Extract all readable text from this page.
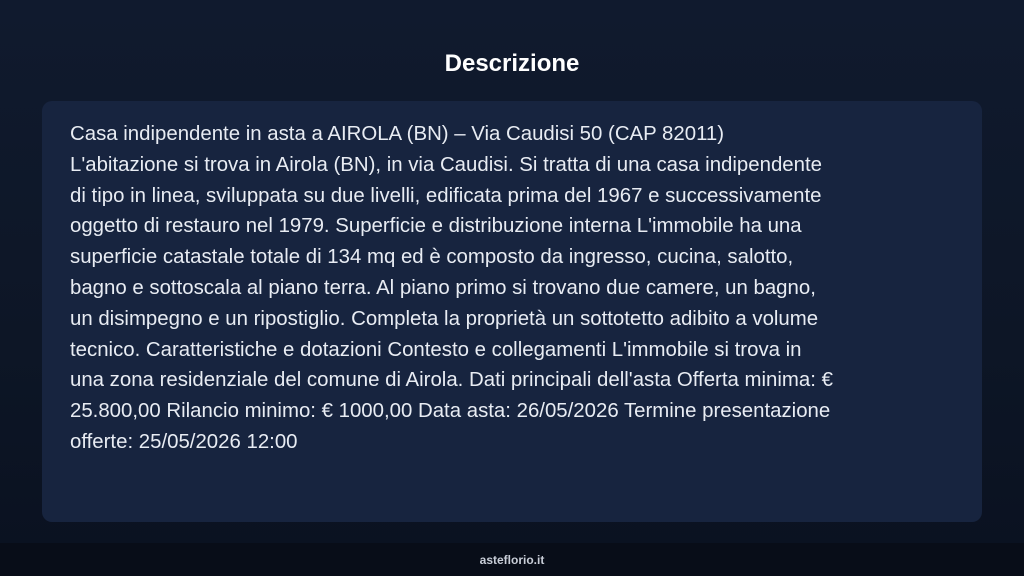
Descrizione

Casa indipendente in asta a AIROLA (BN) – Via Caudisi 50 (CAP 82011)
L'abitazione si trova in Airola (BN), in via Caudisi. Si tratta di una casa indipendente
di tipo in linea, sviluppata su due livelli, edificata prima del 1967 e successivamente
oggetto di restauro nel 1979. Superficie e distribuzione interna L'immobile ha una
superficie catastale totale di 134 mq ed è composto da ingresso, cucina, salotto,
bagno e sottoscala al piano terra. Al piano primo si trovano due camere, un bagno,
un disimpegno e un ripostiglio. Completa la proprietà un sottotetto adibito a volume
tecnico. Caratteristiche e dotazioni Contesto e collegamenti L'immobile si trova in
una zona residenziale del comune di Airola. Dati principali dell'asta Offerta minima: €
25.800,00 Rilancio minimo: € 1000,00 Data asta: 26/05/2026 Termine presentazione
offerte: 25/05/2026 12:00

asteflorio.it
